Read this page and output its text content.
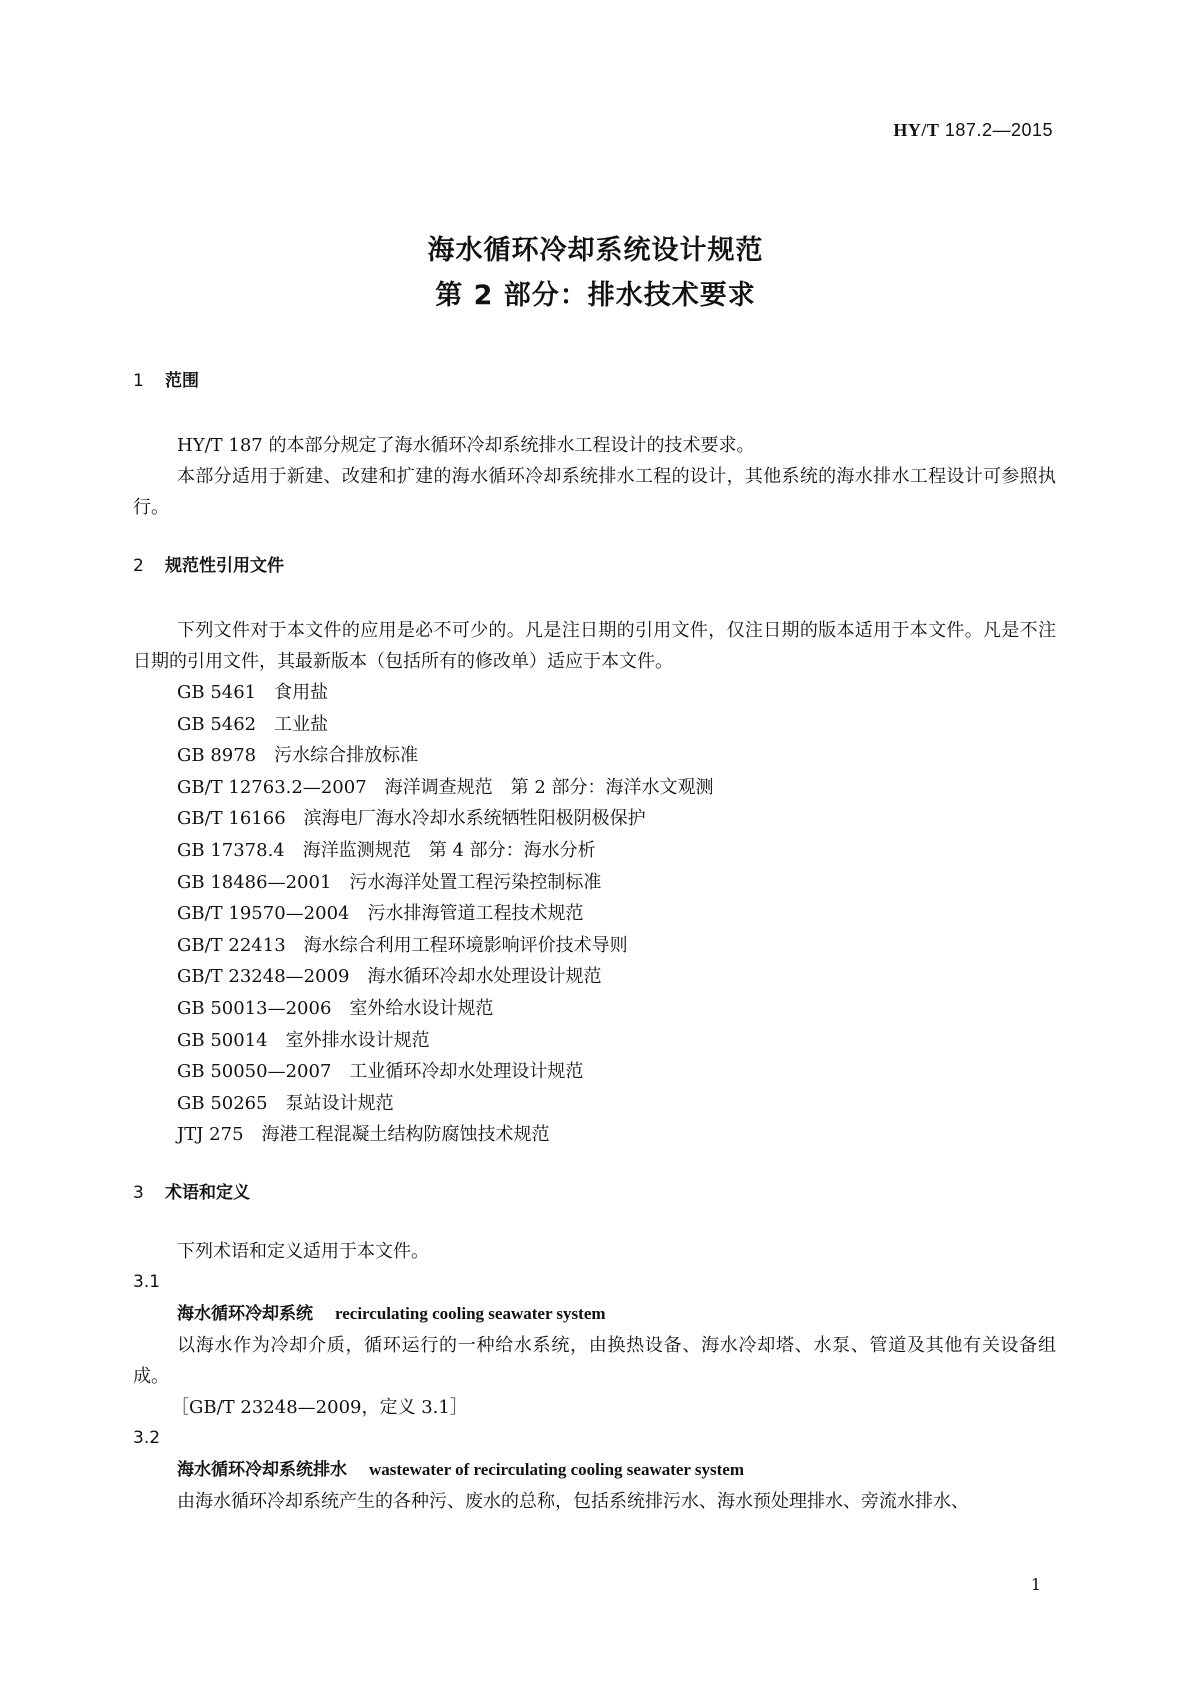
HY/T 187.2—2015
海水循环冷却系统设计规范
第 2 部分：排水技术要求
1 范围
HY/T 187 的本部分规定了海水循环冷却系统排水工程设计的技术要求。
本部分适用于新建、改建和扩建的海水循环冷却系统排水工程的设计，其他系统的海水排水工程设计可参照执行。
2 规范性引用文件
下列文件对于本文件的应用是必不可少的。凡是注日期的引用文件，仅注日期的版本适用于本文件。凡是不注日期的引用文件，其最新版本（包括所有的修改单）适应于本文件。
GB 5461 食用盐
GB 5462 工业盐
GB 8978 污水综合排放标准
GB/T 12763.2—2007 海洋调查规范　第 2 部分：海洋水文观测
GB/T 16166 滨海电厂海水冷却水系统牺牲阳极阴极保护
GB 17378.4 海洋监测规范　第 4 部分：海水分析
GB 18486—2001 污水海洋处置工程污染控制标准
GB/T 19570—2004 污水排海管道工程技术规范
GB/T 22413 海水综合利用工程环境影响评价技术导则
GB/T 23248—2009 海水循环冷却水处理设计规范
GB 50013—2006 室外给水设计规范
GB 50014 室外排水设计规范
GB 50050—2007 工业循环冷却水处理设计规范
GB 50265 泵站设计规范
JTJ 275 海港工程混凝土结构防腐蚀技术规范
3 术语和定义
下列术语和定义适用于本文件。
3.1
海水循环冷却系统 recirculating cooling seawater system
以海水作为冷却介质，循环运行的一种给水系统，由换热设备、海水冷却塔、水泵、管道及其他有关设备组成。
［GB/T 23248—2009，定义 3.1］
3.2
海水循环冷却系统排水 wastewater of recirculating cooling seawater system
由海水循环冷却系统产生的各种污、废水的总称，包括系统排污水、海水预处理排水、旁流水排水、
1
